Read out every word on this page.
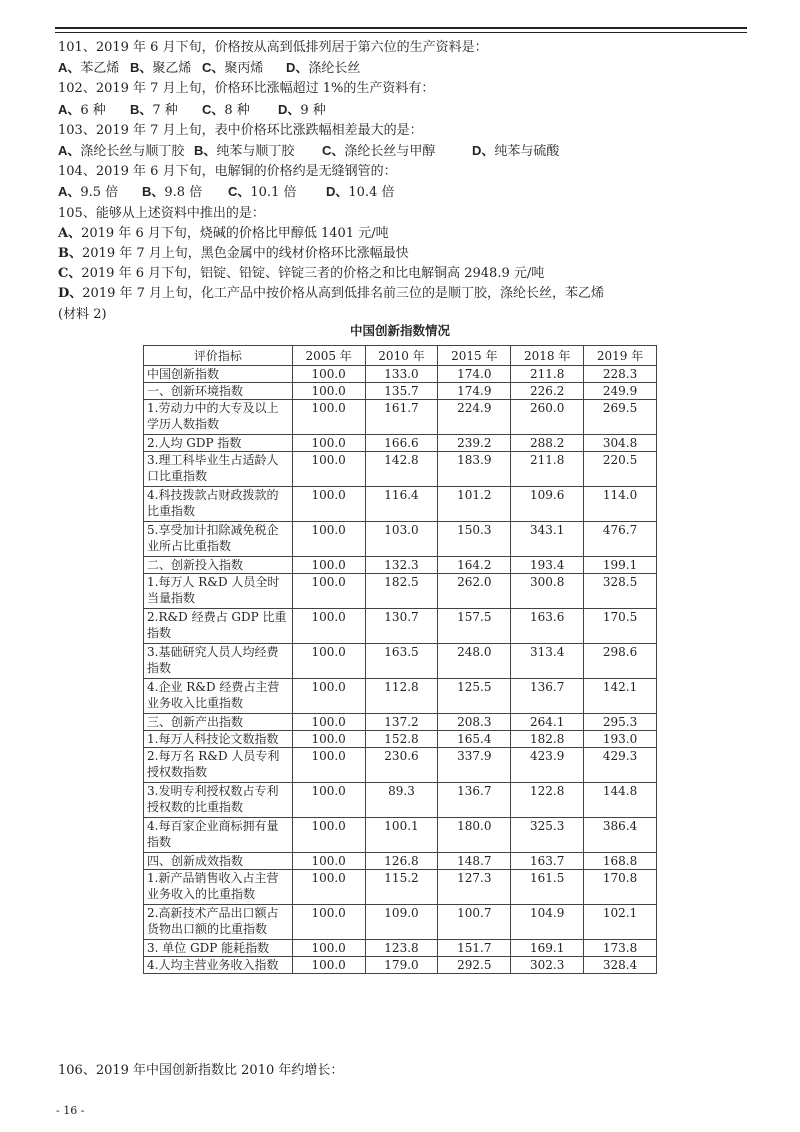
101、2019 年 6 月下旬，价格按从高到低排列居于第六位的生产资料是：
A、苯乙烯 B、聚乙烯 C、聚丙烯	D、涤纶长丝
102、2019 年 7 月上旬，价格环比涨幅超过 1%的生产资料有：
A、6 种	B、7 种	C、8 种	D、9 种
103、2019 年 7 月上旬，表中价格环比涨跌幅相差最大的是：
A、涤纶长丝与顺丁胶 B、纯苯与顺丁胶	C、涤纶长丝与甲醇	D、纯苯与硫酸
104、2019 年 6 月下旬，电解铜的价格约是无缝钢管的：
A、9.5 倍	B、9.8 倍	C、10.1 倍	D、10.4 倍
105、能够从上述资料中推出的是：
A、2019 年 6 月下旬，烧碱的价格比甲醇低 1401 元/吨
B、2019 年 7 月上旬，黑色金属中的线材价格环比涨幅最快
C、2019 年 6 月下旬，铝锭、铅锭、锌锭三者的价格之和比电解铜高 2948.9 元/吨
D、2019 年 7 月上旬，化工产品中按价格从高到低排名前三位的是顺丁胶，涤纶长丝，苯乙烯
(材料 2)
中国创新指数情况
评价指标	2005 年	2010 年	2015 年	2018 年	2019 年
中国创新指数	100.0	133.0	174.0	211.8	228.3
一、创新环境指数	100.0	135.7	174.9	226.2	249.9
1.劳动力中的大专及以上学历人数指数	100.0	161.7	224.9	260.0	269.5
2.人均 GDP 指数	100.0	166.6	239.2	288.2	304.8
3.理工科毕业生占适龄人口比重指数	100.0	142.8	183.9	211.8	220.5
4.科技拨款占财政拨款的比重指数	100.0	116.4	101.2	109.6	114.0
5.享受加计扣除减免税企业所占比重指数	100.0	103.0	150.3	343.1	476.7
二、创新投入指数	100.0	132.3	164.2	193.4	199.1
1.每万人 R&D 人员全时当量指数	100.0	182.5	262.0	300.8	328.5
2.R&D 经费占 GDP 比重指数	100.0	130.7	157.5	163.6	170.5
3.基础研究人员人均经费指数	100.0	163.5	248.0	313.4	298.6
4.企业 R&D 经费占主营业务收入比重指数	100.0	112.8	125.5	136.7	142.1
三、创新产出指数	100.0	137.2	208.3	264.1	295.3
1.每万人科技论文数指数	100.0	152.8	165.4	182.8	193.0
2.每万名 R&D 人员专利授权数指数	100.0	230.6	337.9	423.9	429.3
3.发明专利授权数占专利授权数的比重指数	100.0	89.3	136.7	122.8	144.8
4.每百家企业商标拥有量指数	100.0	100.1	180.0	325.3	386.4
四、创新成效指数	100.0	126.8	148.7	163.7	168.8
1.新产品销售收入占主营业务收入的比重指数	100.0	115.2	127.3	161.5	170.8
2.高新技术产品出口额占货物出口额的比重指数	100.0	109.0	100.7	104.9	102.1
3. 单位 GDP 能耗指数	100.0	123.8	151.7	169.1	173.8
4.人均主营业务收入指数	100.0	179.0	292.5	302.3	328.4
106、2019 年中国创新指数比 2010 年约增长：
- 16 -
